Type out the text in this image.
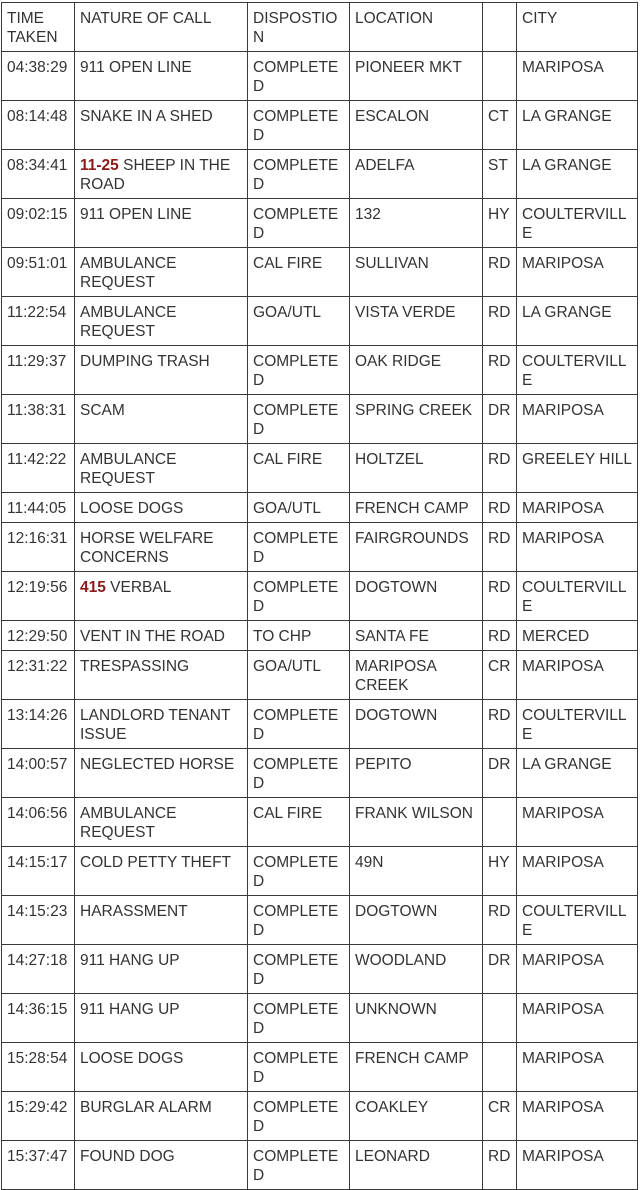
TIME TAKEN	NATURE OF CALL	DISPOSTION	LOCATION		CITY
04:38:29	911 OPEN LINE	COMPLETED	PIONEER MKT		MARIPOSA
08:14:48	SNAKE IN A SHED	COMPLETED	ESCALON	CT	LA GRANGE
08:34:41	11-25 SHEEP IN THE ROAD	COMPLETED	ADELFA	ST	LA GRANGE
09:02:15	911 OPEN LINE	COMPLETED	132	HY	COULTERVILLE
09:51:01	AMBULANCE REQUEST	CAL FIRE	SULLIVAN	RD	MARIPOSA
11:22:54	AMBULANCE REQUEST	GOA/UTL	VISTA VERDE	RD	LA GRANGE
11:29:37	DUMPING TRASH	COMPLETED	OAK RIDGE	RD	COULTERVILLE
11:38:31	SCAM	COMPLETED	SPRING CREEK	DR	MARIPOSA
11:42:22	AMBULANCE REQUEST	CAL FIRE	HOLTZEL	RD	GREELEY HILL
11:44:05	LOOSE DOGS	GOA/UTL	FRENCH CAMP	RD	MARIPOSA
12:16:31	HORSE WELFARE CONCERNS	COMPLETED	FAIRGROUNDS	RD	MARIPOSA
12:19:56	415 VERBAL	COMPLETED	DOGTOWN	RD	COULTERVILLE
12:29:50	VENT IN THE ROAD	TO CHP	SANTA FE	RD	MERCED
12:31:22	TRESPASSING	GOA/UTL	MARIPOSA CREEK	CR	MARIPOSA
13:14:26	LANDLORD TENANT ISSUE	COMPLETED	DOGTOWN	RD	COULTERVILLE
14:00:57	NEGLECTED HORSE	COMPLETED	PEPITO	DR	LA GRANGE
14:06:56	AMBULANCE REQUEST	CAL FIRE	FRANK WILSON		MARIPOSA
14:15:17	COLD PETTY THEFT	COMPLETED	49N	HY	MARIPOSA
14:15:23	HARASSMENT	COMPLETED	DOGTOWN	RD	COULTERVILLE
14:27:18	911 HANG UP	COMPLETED	WOODLAND	DR	MARIPOSA
14:36:15	911 HANG UP	COMPLETED	UNKNOWN		MARIPOSA
15:28:54	LOOSE DOGS	COMPLETED	FRENCH CAMP		MARIPOSA
15:29:42	BURGLAR ALARM	COMPLETED	COAKLEY	CR	MARIPOSA
15:37:47	FOUND DOG	COMPLETED	LEONARD	RD	MARIPOSA
